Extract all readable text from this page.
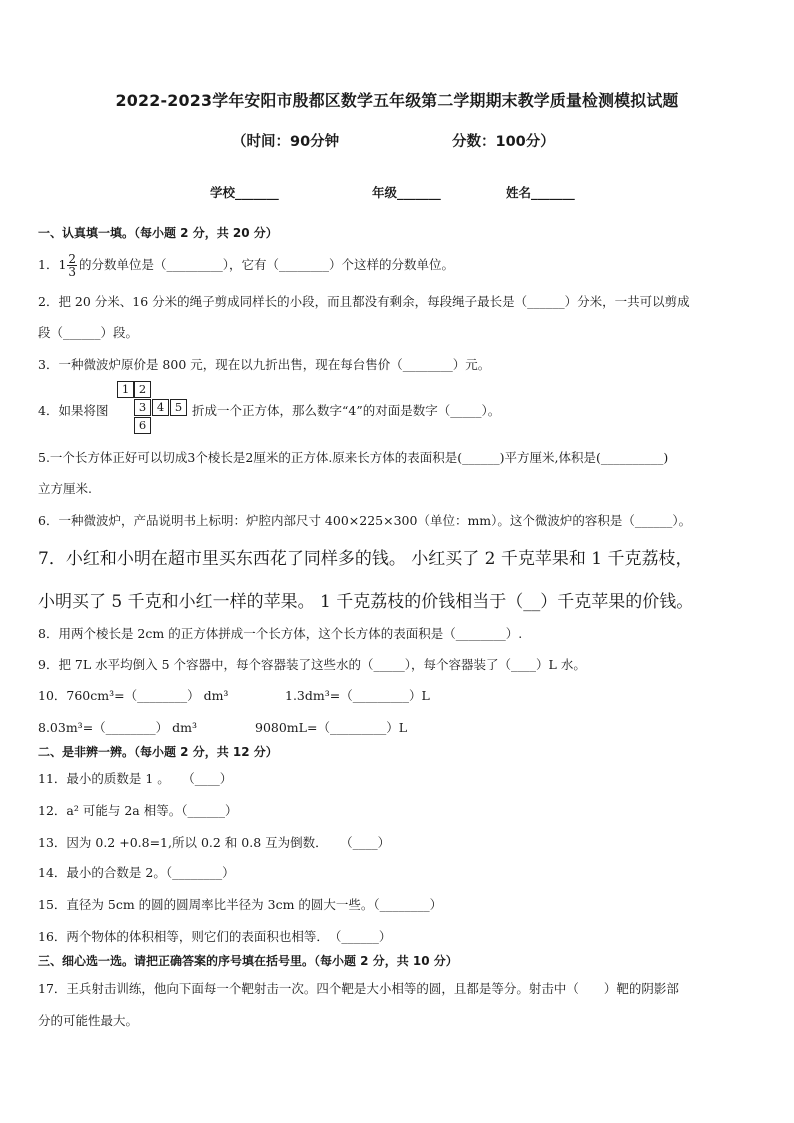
2022-2023学年安阳市殷都区数学五年级第二学期期末教学质量检测模拟试题
（时间：90分钟	分数：100分）
学校_______	年级_______	姓名_______
一、认真填一填。（每小题 2 分，共 20 分）
1．$1 \frac{2}{3}$ 的分数单位是（_________），它有（________）个这样的分数单位。
2．把 20 分米、16 分米的绳子剪成同样长的小段，而且都没有剩余，每段绳子最长是（______）分米，一共可以剪成
段（______）段。
3．一种微波炉原价是 800 元，现在以九折出售，现在每台售价（________）元。
4．如果将图
1 2
3 4 5
6
折成一个正方体，那么数字“4”的对面是数字（_____）。
5.一个长方体正好可以切成3个棱长是2厘米的正方体.原来长方体的表面积是(______)平方厘米,体积是(__________)
立方厘米.
6．一种微波炉，产品说明书上标明：炉腔内部尺寸 400×225×300（单位：mm）。这个微波炉的容积是（______）。
7．小红和小明在超市里买东西花了同样多的钱。 小红买了 2 千克苹果和 1 千克荔枝，
小明买了 5 千克和小红一样的苹果。 1 千克荔枝的价钱相当于（__）千克苹果的价钱。
8．用两个棱长是 2cm 的正方体拼成一个长方体，这个长方体的表面积是（________）.
9．把 7L 水平均倒入 5 个容器中，每个容器装了这些水的（_____），每个容器装了（____）L 水。
10．760cm³=（________） dm³	1.3dm³=（_________）L
8.03m³=（________） dm³	9080mL=（_________）L
二、是非辨一辨。（每小题 2 分，共 12 分）
11．最小的质数是 1 。　　（____）
12．a² 可能与 2a 相等。（______）
13．因为 0.2 +0.8=1,所以 0.2 和 0.8 互为倒数．　　（____）
14．最小的合数是 2。（________）
15．直径为 5cm 的圆的圆周率比半径为 3cm 的圆大一些。（________）
16．两个物体的体积相等，则它们的表面积也相等．　（______）
三、细心选一选。请把正确答案的序号填在括号里。（每小题 2 分，共 10 分）
17．王兵射击训练，他向下面每一个靶射击一次。四个靶是大小相等的圆，且都是等分。射击中（　　）靶的阴影部
分的可能性最大。
